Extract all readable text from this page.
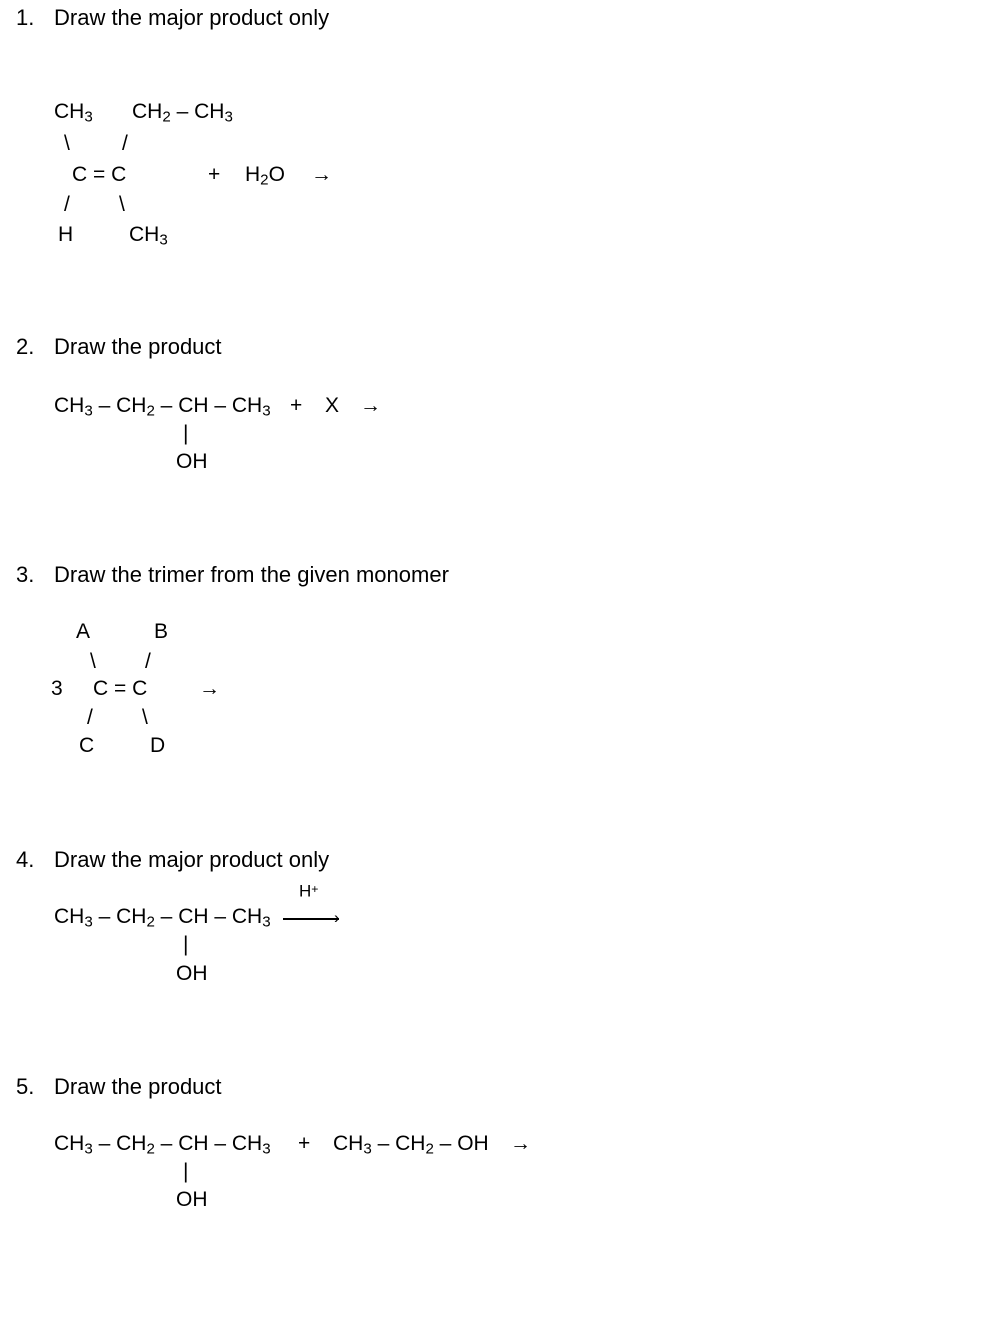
1. Draw the major product only
$CH_3$ $CH_2 - CH_3$
\ /
C = C	+ $H_2O$ →
/ \
H	$CH_3$
2. Draw the product
$CH_3 - CH_2$ – CH – $CH_3 + X$ →
|
OH
3. Draw the trimer from the given monomer
A	B
\ /
3 C = C →
/ \
C	D
4. Draw the major product only
H+
$CH_3 - CH_2$ – CH – $CH_3$	›
|
OH
5. Draw the product
$CH_3 - CH_2$ – CH – $CH_3 + CH_3 - CH_2$ – OH →
|
OH
